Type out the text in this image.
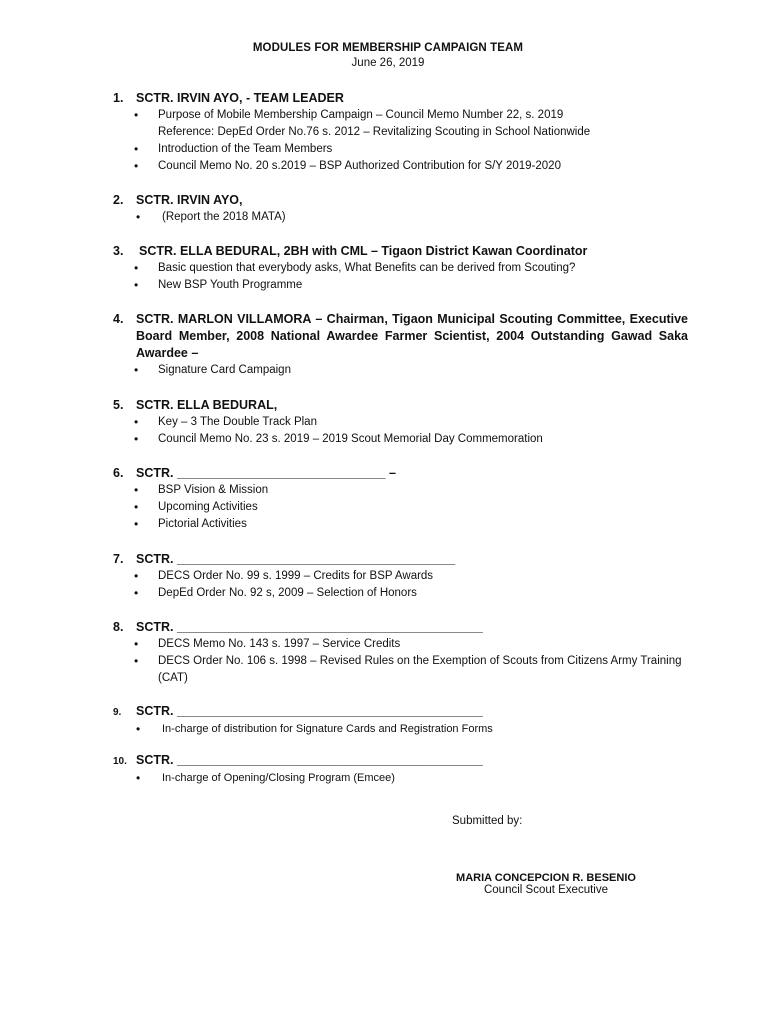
MODULES FOR MEMBERSHIP CAMPAIGN TEAM
June 26, 2019
1. SCTR. IRVIN AYO, - TEAM LEADER
• Purpose of Mobile Membership Campaign – Council Memo Number 22, s. 2019
Reference: DepEd Order No.76 s. 2012 – Revitalizing Scouting in School Nationwide
• Introduction of the Team Members
• Council Memo No. 20 s.2019 – BSP Authorized Contribution for S/Y 2019-2020
2. SCTR. IRVIN AYO,
• (Report the 2018 MATA)
3. SCTR. ELLA BEDURAL, 2BH with CML – Tigaon District Kawan Coordinator
• Basic question that everybody asks, What Benefits can be derived from Scouting?
• New BSP Youth Programme
4.	SCTR. MARLON VILLAMORA – Chairman, Tigaon Municipal Scouting Committee, Executive Board Member, 2008 National Awardee Farmer Scientist, 2004 Outstanding Gawad Saka Awardee –
• Signature Card Campaign
5. SCTR. ELLA BEDURAL,
• Key – 3 The Double Track Plan
• Council Memo No. 23 s. 2019 – 2019 Scout Memorial Day Commemoration
6. SCTR. ______________________________ –
• BSP Vision & Mission
• Upcoming Activities
• Pictorial Activities
7. SCTR. ________________________________________
• DECS Order No. 99 s. 1999 – Credits for BSP Awards
• DepEd Order No. 92 s, 2009 – Selection of Honors
8. SCTR. ____________________________________________
• DECS Memo No. 143 s. 1997 – Service Credits
• DECS Order No. 106 s. 1998 – Revised Rules on the Exemption of Scouts from Citizens Army Training (CAT)
9. SCTR. ____________________________________________
• In-charge of distribution for Signature Cards and Registration Forms
10. SCTR. ____________________________________________
• In-charge of Opening/Closing Program (Emcee)
Submitted by:
MARIA CONCEPCION R. BESENIO
Council Scout Executive
